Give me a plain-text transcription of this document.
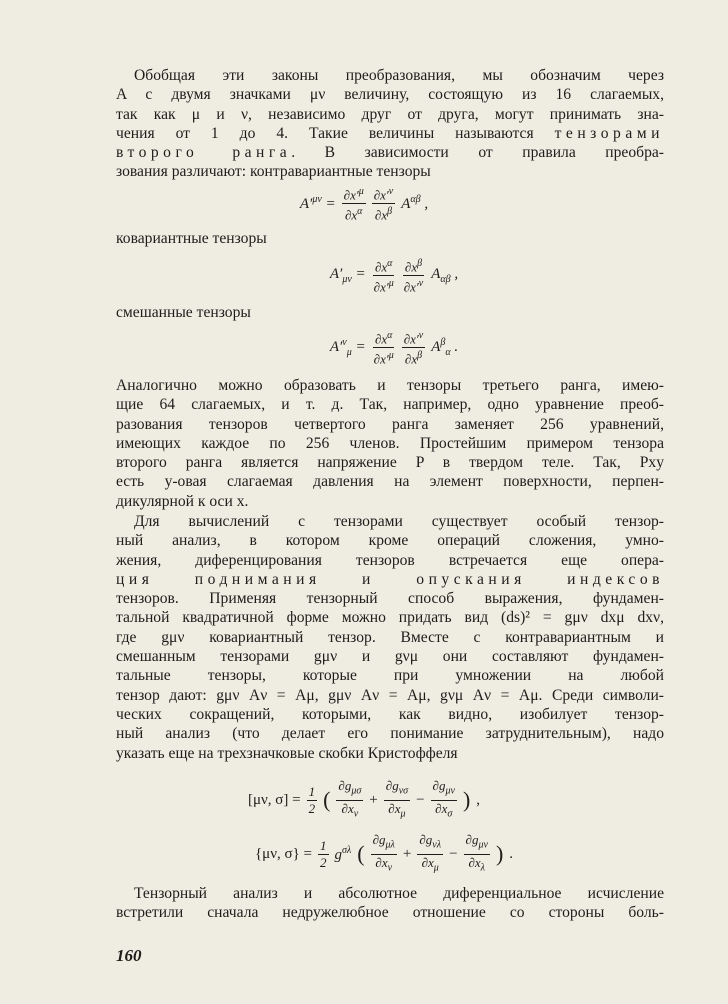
Обобщая эти законы преобразования, мы обозначим через
A с двумя значками μν величину, состоящую из 16 слагаемых,
так как μ и ν, независимо друг от друга, могут принимать зна-
чения от 1 до 4. Такие величины называются тензорами
второго ранга. В зависимости от правила преобра-
зования различают: контравариантные тензоры
$A'^{\mu\nu} = \frac{\partial x'^\mu}{\partial x^\alpha} \frac{\partial x'^\nu}{\partial x^\beta} A^{\alpha\beta}$ ,
ковариантные тензоры
$A'_{\mu\nu} = \frac{\partial x^\alpha}{\partial x'^\mu} \frac{\partial x^\beta}{\partial x'^\nu} A_{\alpha\beta}$ ,
смешанные тензоры
$A'^\nu_\mu = \frac{\partial x^\alpha}{\partial x'^\mu} \frac{\partial x'^\nu}{\partial x^\beta} A^\beta_\alpha$ .
Аналогично можно образовать и тензоры третьего ранга, имею-
щие 64 слагаемых, и т. д. Так, например, одно уравнение преоб-
разования тензоров четвертого ранга заменяет 256 уравнений,
имеющих каждое по 256 членов. Простейшим примером тензора
второго ранга является напряжение P в твердом теле. Так, Pxy
есть y-овая слагаемая давления на элемент поверхности, перпен-
дикулярной к оси x.
Для вычислений с тензорами существует особый тензор-
ный анализ, в котором кроме операций сложения, умно-
жения, диференцирования тензоров встречается еще опера-
ция поднимания и опускания индексов
тензоров. Применяя тензорный способ выражения, фундамен-
тальной квадратичной форме можно придать вид (ds)² = gμν dxμ dxν,
где gμν ковариантный тензор. Вместе с контравариантным и
смешанным тензорами gμν и gνμ они составляют фундамен-
тальные тензоры, которые при умножении на любой
тензор дают: gμν Aν = Aμ, gμν Aν = Aμ, gνμ Aν = Aμ. Среди символи-
ческих сокращений, которыми, как видно, изобилует тензор-
ный анализ (что делает его понимание затруднительным), надо
указать еще на трехзначковые скобки Кристоффеля
[μν, $\sigma] = \frac{1}{2}$ ( $\frac{\partial g_{\mu\sigma}}{\partial x_\nu} + \frac{\partial g_{\nu\sigma}}{\partial x_\mu} - \frac{\partial g_{\mu\nu}}{\partial x_\sigma}$ ) ,
{μν, $\sigma\} = \frac{1}{2} g^{\sigma\lambda}$ ( $\frac{\partial g_{\mu\lambda}}{\partial x_\nu} + \frac{\partial g_{\nu\lambda}}{\partial x_\mu} - \frac{\partial g_{\mu\nu}}{\partial x_\lambda}$ ) .
Тензорный анализ и абсолютное диференциальное исчисление
встретили сначала недружелюбное отношение со стороны боль-
160
